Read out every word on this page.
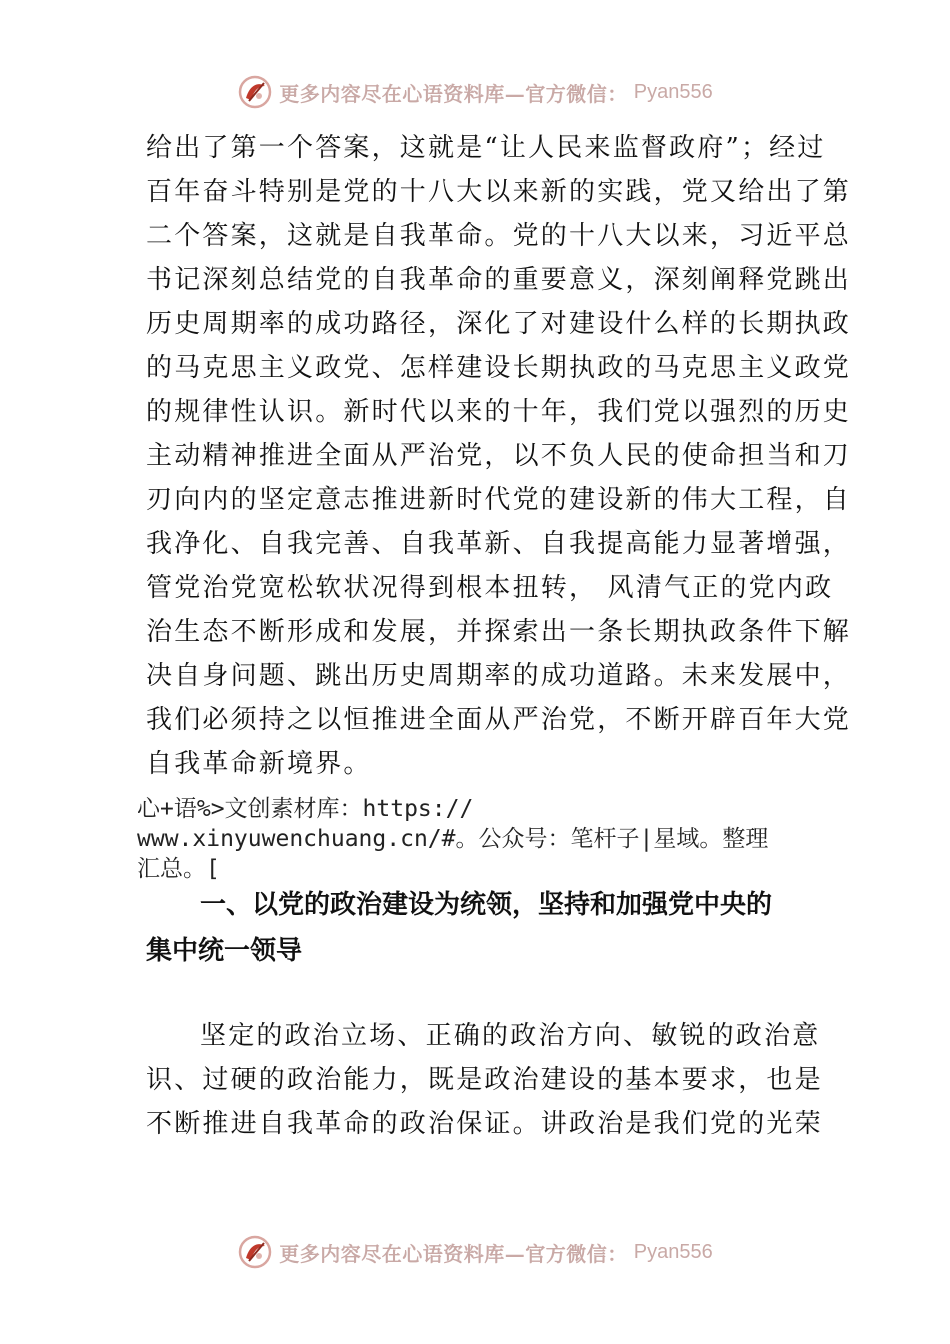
更多内容尽在心语资料库—官方微信： Pyan556
给出了第一个答案，这就是“让人民来监督政府”；经过
百年奋斗特别是党的十八大以来新的实践，党又给出了第
二个答案，这就是自我革命。党的十八大以来，习近平总
书记深刻总结党的自我革命的重要意义，深刻阐释党跳出
历史周期率的成功路径，深化了对建设什么样的长期执政
的马克思主义政党、怎样建设长期执政的马克思主义政党
的规律性认识。新时代以来的十年，我们党以强烈的历史
主动精神推进全面从严治党，以不负人民的使命担当和刀
刃向内的坚定意志推进新时代党的建设新的伟大工程，自
我净化、自我完善、自我革新、自我提高能力显著增强，
管党治党宽松软状况得到根本扭转， 风清气正的党内政
治生态不断形成和发展，并探索出一条长期执政条件下解
决自身问题、跳出历史周期率的成功道路。未来发展中，
我们必须持之以恒推进全面从严治党，不断开辟百年大党
自我革命新境界。
心+语%>文创素材库：https://
www.xinyuwenchuang.cn/#。公众号：笔杆子|星域。整理
汇总。[
一、以党的政治建设为统领，坚持和加强党中央的
集中统一领导
坚定的政治立场、正确的政治方向、敏锐的政治意
识、过硬的政治能力，既是政治建设的基本要求，也是
不断推进自我革命的政治保证。讲政治是我们党的光荣
更多内容尽在心语资料库—官方微信： Pyan556
